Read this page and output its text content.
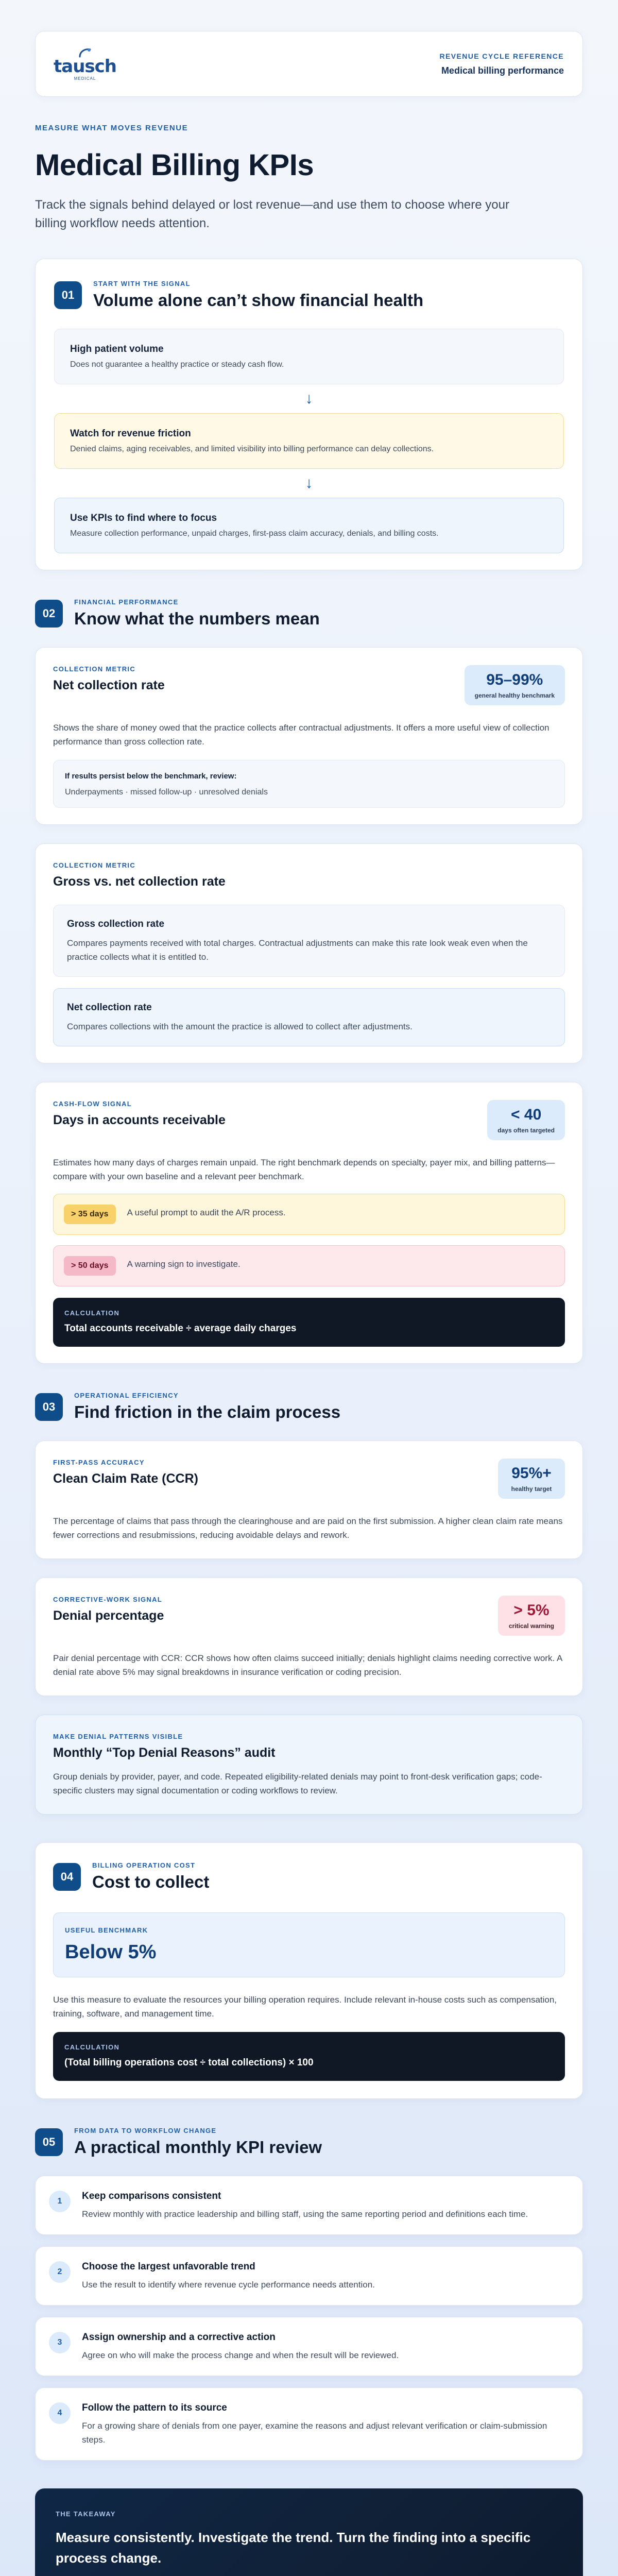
tausch
MEDICAL
REVENUE CYCLE REFERENCE
Medical billing performance
MEASURE WHAT MOVES REVENUE
Medical Billing KPIs

Track the signals behind delayed or lost revenue—and use them to choose where your billing workflow needs attention.

01
START WITH THE SIGNAL
Volume alone can’t show financial health
High patient volume
Does not guarantee a healthy practice or steady cash flow.
↓
Watch for revenue friction
Denied claims, aging receivables, and limited visibility into billing performance can delay collections.
↓
Use KPIs to find where to focus
Measure collection performance, unpaid charges, first-pass claim accuracy, denials, and billing costs.
02
FINANCIAL PERFORMANCE
Know what the numbers mean
COLLECTION METRIC
Net collection rate	95–99%
general healthy benchmark

Shows the share of money owed that the practice collects after contractual adjustments. It offers a more useful view of collection performance than gross collection rate.

If results persist below the benchmark, review:
Underpayments · missed follow-up · unresolved denials
COLLECTION METRIC
Gross vs. net collection rate
Gross collection rate
Compares payments received with total charges. Contractual adjustments can make this rate look weak even when the practice collects what it is entitled to.
Net collection rate
Compares collections with the amount the practice is allowed to collect after adjustments.
CASH-FLOW SIGNAL
Days in accounts receivable	< 40
days often targeted

Estimates how many days of charges remain unpaid. The right benchmark depends on specialty, payer mix, and billing patterns—compare with your own baseline and a relevant peer benchmark.

> 35 days	A useful prompt to audit the A/R process.
> 50 days	A warning sign to investigate.
CALCULATION
Total accounts receivable ÷ average daily charges
03
OPERATIONAL EFFICIENCY
Find friction in the claim process
FIRST-PASS ACCURACY
Clean Claim Rate (CCR)	95%+
healthy target

The percentage of claims that pass through the clearinghouse and are paid on the first submission. A higher clean claim rate means fewer corrections and resubmissions, reducing avoidable delays and rework.

CORRECTIVE-WORK SIGNAL
Denial percentage	> 5%
critical warning

Pair denial percentage with CCR: CCR shows how often claims succeed initially; denials highlight claims needing corrective work. A denial rate above 5% may signal breakdowns in insurance verification or coding precision.

MAKE DENIAL PATTERNS VISIBLE
Monthly “Top Denial Reasons” audit

Group denials by provider, payer, and code. Repeated eligibility-related denials may point to front-desk verification gaps; code-specific clusters may signal documentation or coding workflows to review.

04
BILLING OPERATION COST
Cost to collect
USEFUL BENCHMARK
Below 5%

Use this measure to evaluate the resources your billing operation requires. Include relevant in-house costs such as compensation, training, software, and management time.

CALCULATION
(Total billing operations cost ÷ total collections) × 100
05
FROM DATA TO WORKFLOW CHANGE
A practical monthly KPI review
1	Keep comparisons consistent
Review monthly with practice leadership and billing staff, using the same reporting period and definitions each time.
2	Choose the largest unfavorable trend
Use the result to identify where revenue cycle performance needs attention.
3	Assign ownership and a corrective action
Agree on who will make the process change and when the result will be reviewed.
4	Follow the pattern to its source
For a growing share of denials from one payer, examine the reasons and adjust relevant verification or claim-submission steps.
THE TAKEAWAY
Measure consistently. Investigate the trend. Turn the finding into a specific process change.
